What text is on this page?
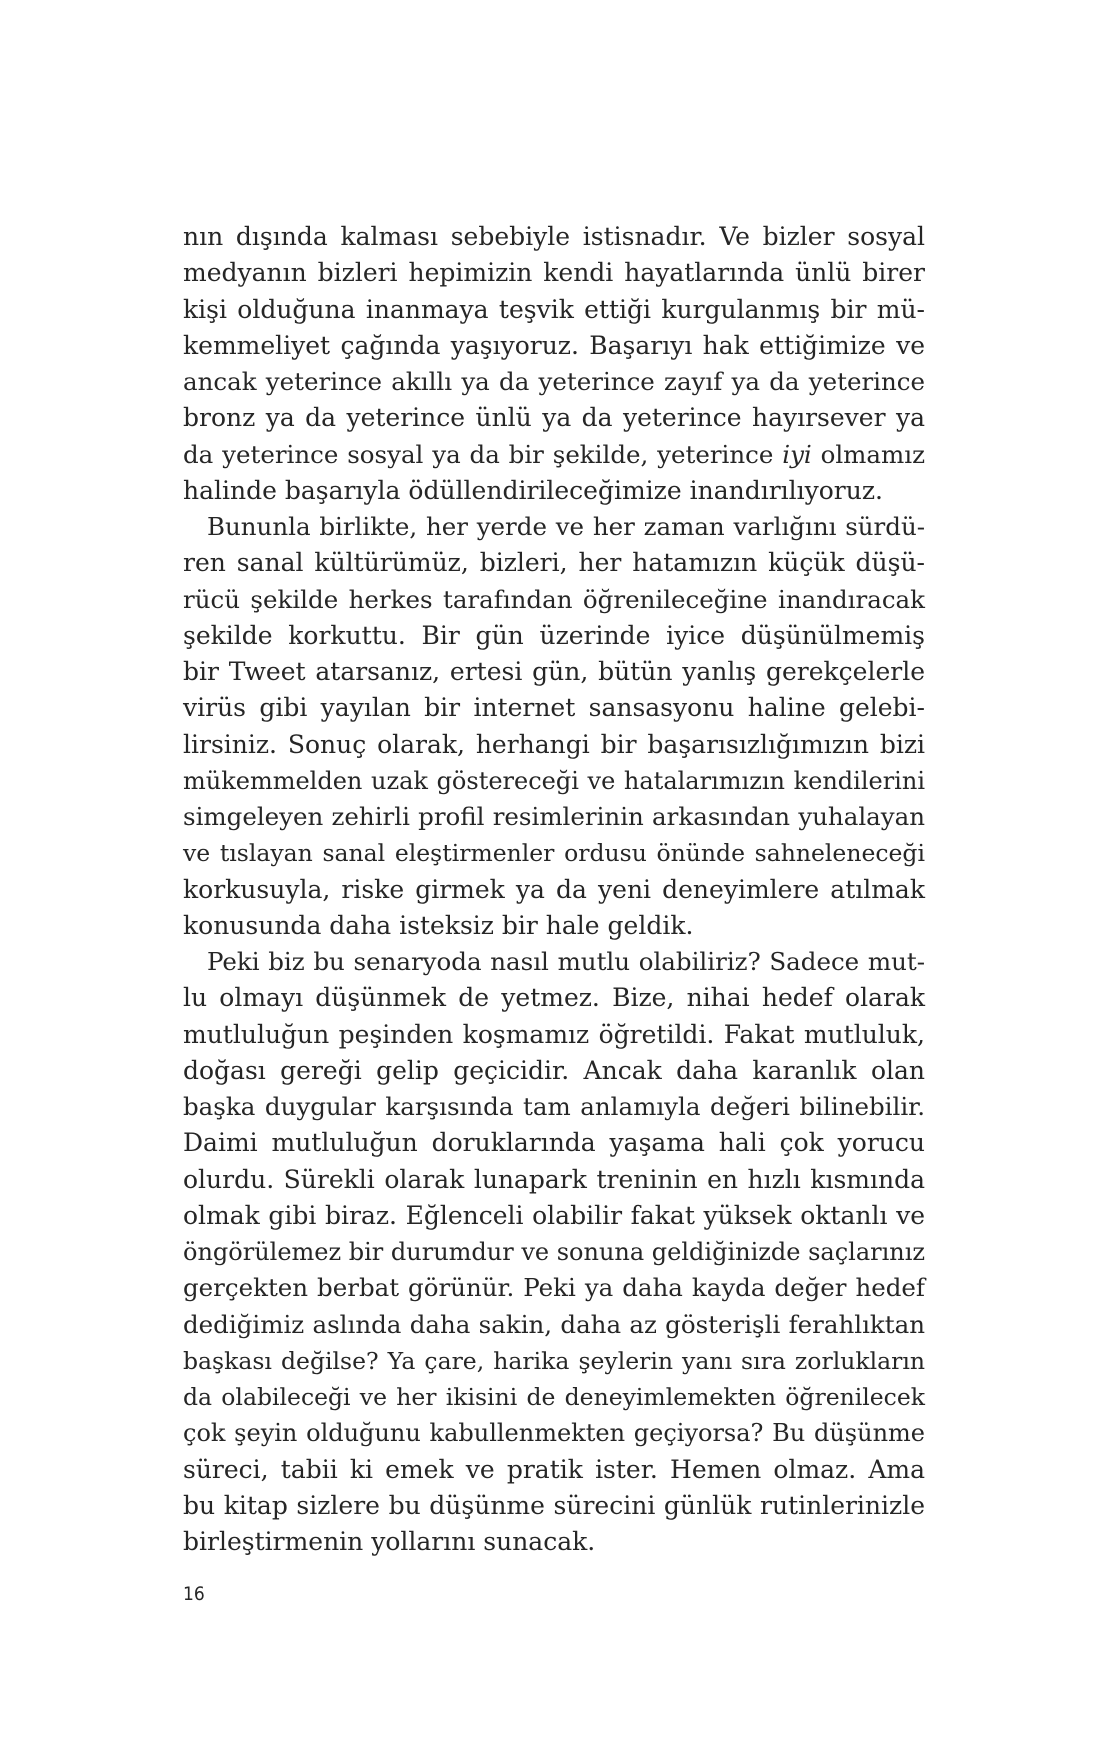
nın dışında kalması sebebiyle istisnadır. Ve bizler sosyal
medyanın bizleri hepimizin kendi hayatlarında ünlü birer
kişi olduğuna inanmaya teşvik ettiği kurgulanmış bir mü-
kemmeliyet çağında yaşıyoruz. Başarıyı hak ettiğimize ve
ancak yeterince akıllı ya da yeterince zayıf ya da yeterince
bronz ya da yeterince ünlü ya da yeterince hayırsever ya
da yeterince sosyal ya da bir şekilde, yeterince iyi olmamız
halinde başarıyla ödüllendirileceğimize inandırılıyoruz.
Bununla birlikte, her yerde ve her zaman varlığını sürdü-
ren sanal kültürümüz, bizleri, her hatamızın küçük düşü-
rücü şekilde herkes tarafından öğrenileceğine inandıracak
şekilde korkuttu. Bir gün üzerinde iyice düşünülmemiş
bir Tweet atarsanız, ertesi gün, bütün yanlış gerekçelerle
virüs gibi yayılan bir internet sansasyonu haline gelebi-
lirsiniz. Sonuç olarak, herhangi bir başarısızlığımızın bizi
mükemmelden uzak göstereceği ve hatalarımızın kendilerini
simgeleyen zehirli profil resimlerinin arkasından yuhalayan
ve tıslayan sanal eleştirmenler ordusu önünde sahneleneceği
korkusuyla, riske girmek ya da yeni deneyimlere atılmak
konusunda daha isteksiz bir hale geldik.
Peki biz bu senaryoda nasıl mutlu olabiliriz? Sadece mut-
lu olmayı düşünmek de yetmez. Bize, nihai hedef olarak
mutluluğun peşinden koşmamız öğretildi. Fakat mutluluk,
doğası gereği gelip geçicidir. Ancak daha karanlık olan
başka duygular karşısında tam anlamıyla değeri bilinebilir.
Daimi mutluluğun doruklarında yaşama hali çok yorucu
olurdu. Sürekli olarak lunapark treninin en hızlı kısmında
olmak gibi biraz. Eğlenceli olabilir fakat yüksek oktanlı ve
öngörülemez bir durumdur ve sonuna geldiğinizde saçlarınız
gerçekten berbat görünür. Peki ya daha kayda değer hedef
dediğimiz aslında daha sakin, daha az gösterişli ferahlıktan
başkası değilse? Ya çare, harika şeylerin yanı sıra zorlukların
da olabileceği ve her ikisini de deneyimlemekten öğrenilecek
çok şeyin olduğunu kabullenmekten geçiyorsa? Bu düşünme
süreci, tabii ki emek ve pratik ister. Hemen olmaz. Ama
bu kitap sizlere bu düşünme sürecini günlük rutinlerinizle
birleştirmenin yollarını sunacak.
16
